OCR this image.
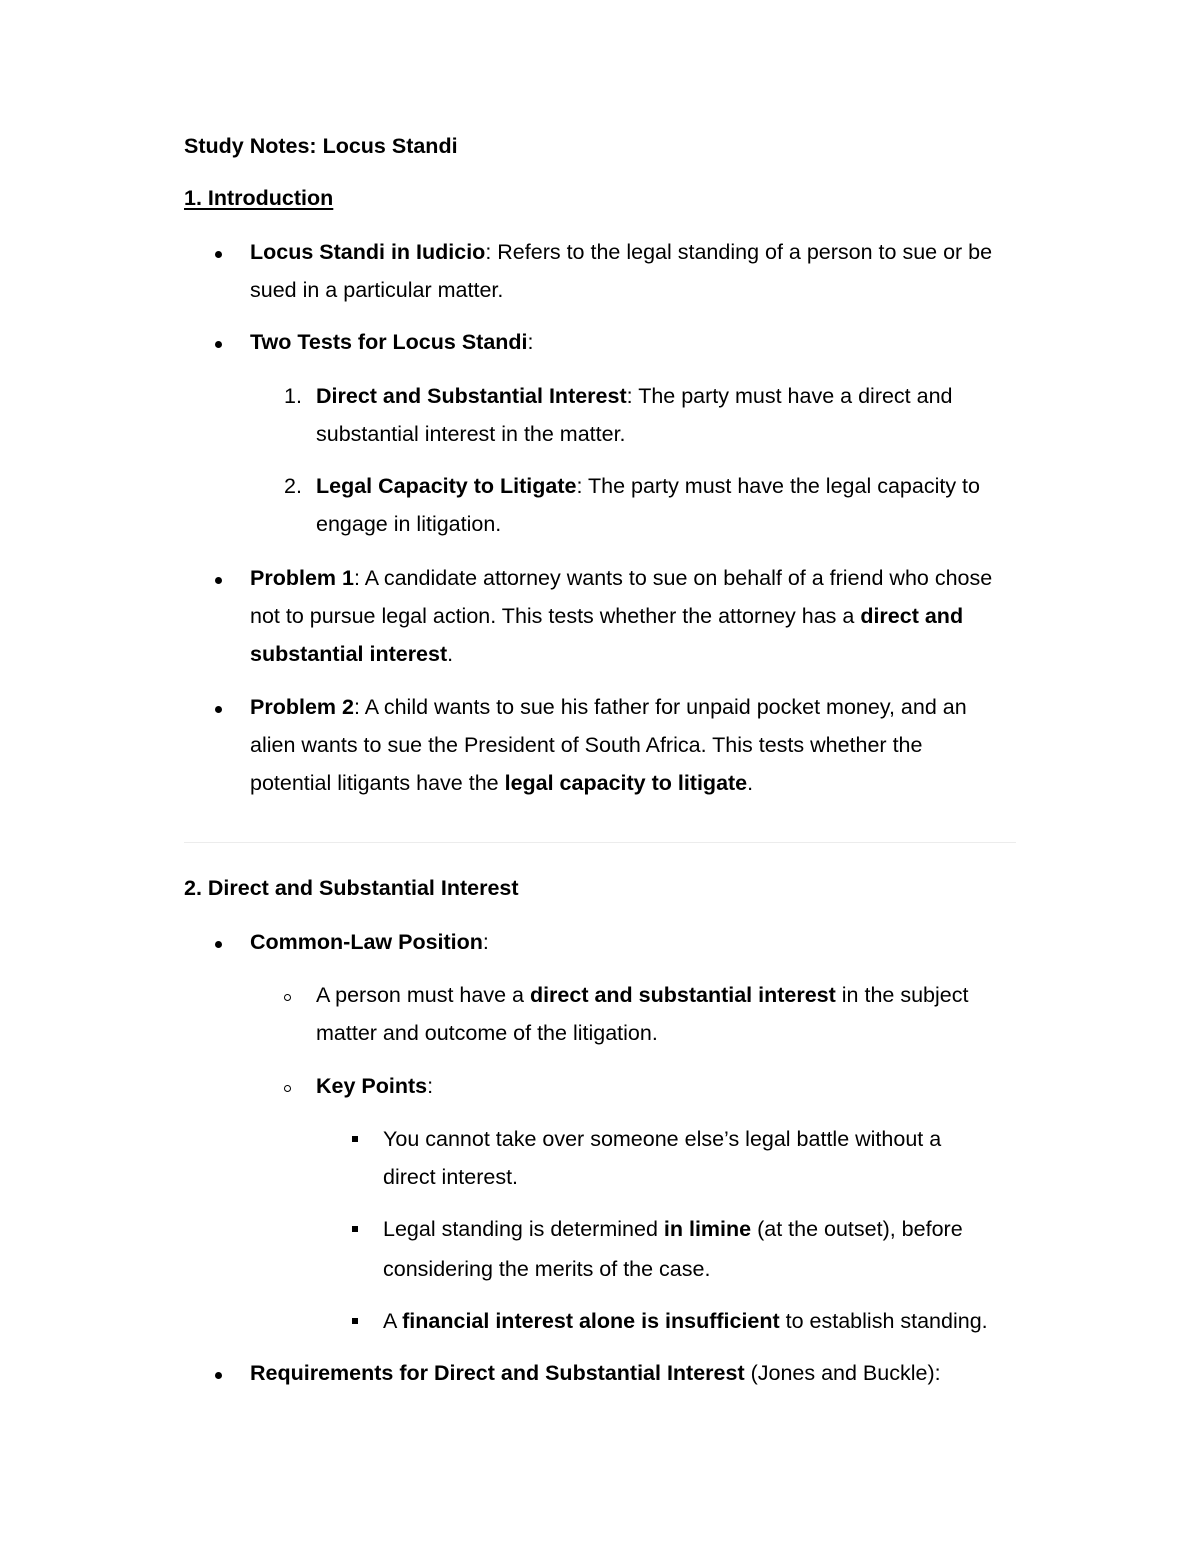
Study Notes: Locus Standi
1. Introduction
Locus Standi in Iudicio: Refers to the legal standing of a person to sue or be
sued in a particular matter.
Two Tests for Locus Standi:
1. Direct and Substantial Interest: The party must have a direct and
substantial interest in the matter.
2. Legal Capacity to Litigate: The party must have the legal capacity to
engage in litigation.
Problem 1: A candidate attorney wants to sue on behalf of a friend who chose
not to pursue legal action. This tests whether the attorney has a direct and
substantial interest.
Problem 2: A child wants to sue his father for unpaid pocket money, and an
alien wants to sue the President of South Africa. This tests whether the
potential litigants have the legal capacity to litigate.
2. Direct and Substantial Interest
Common-Law Position:
A person must have a direct and substantial interest in the subject
matter and outcome of the litigation.
Key Points:
You cannot take over someone else’s legal battle without a
direct interest.
Legal standing is determined in limine (at the outset), before
considering the merits of the case.
A financial interest alone is insufficient to establish standing.
Requirements for Direct and Substantial Interest (Jones and Buckle):
